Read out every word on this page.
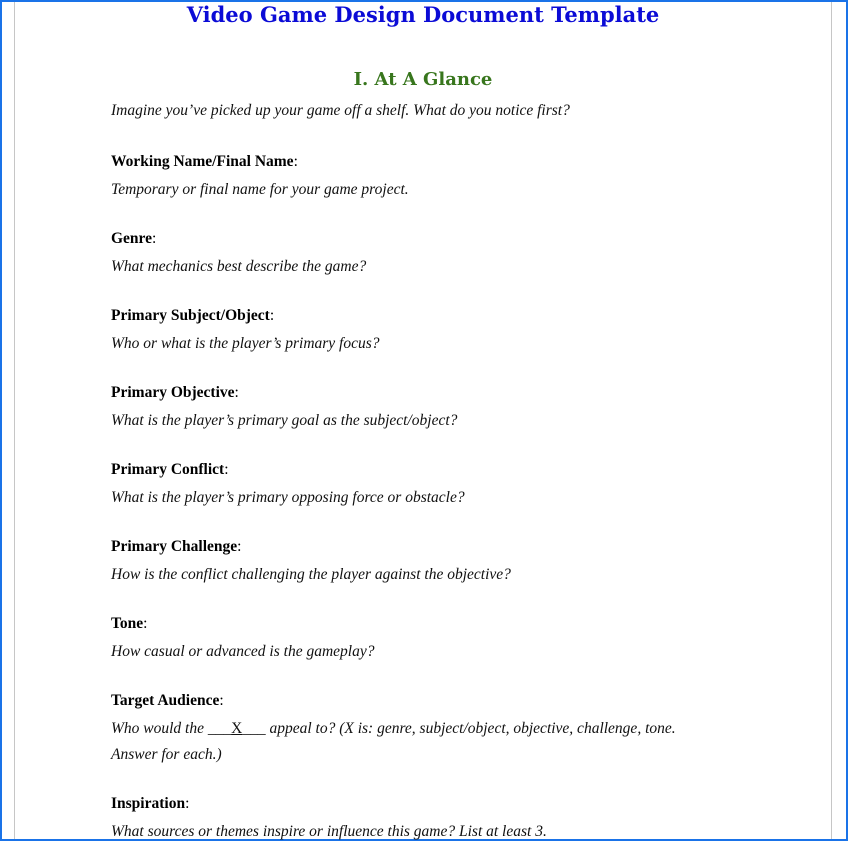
Video Game Design Document Template
I. At A Glance

Imagine you’ve picked up your game off a shelf. What do you notice first?

Working Name/Final Name:
Temporary or final name for your game project.
Genre:
What mechanics best describe the game?
Primary Subject/Object:
Who or what is the player’s primary focus?
Primary Objective:
What is the player’s primary goal as the subject/object?
Primary Conflict:
What is the player’s primary opposing force or obstacle?
Primary Challenge:
How is the conflict challenging the player against the objective?
Tone:
How casual or advanced is the gameplay?
Target Audience:
Who would the ___X___ appeal to? (X is: genre, subject/object, objective, challenge, tone. Answer for each.)
Inspiration:
What sources or themes inspire or influence this game? List at least 3.
